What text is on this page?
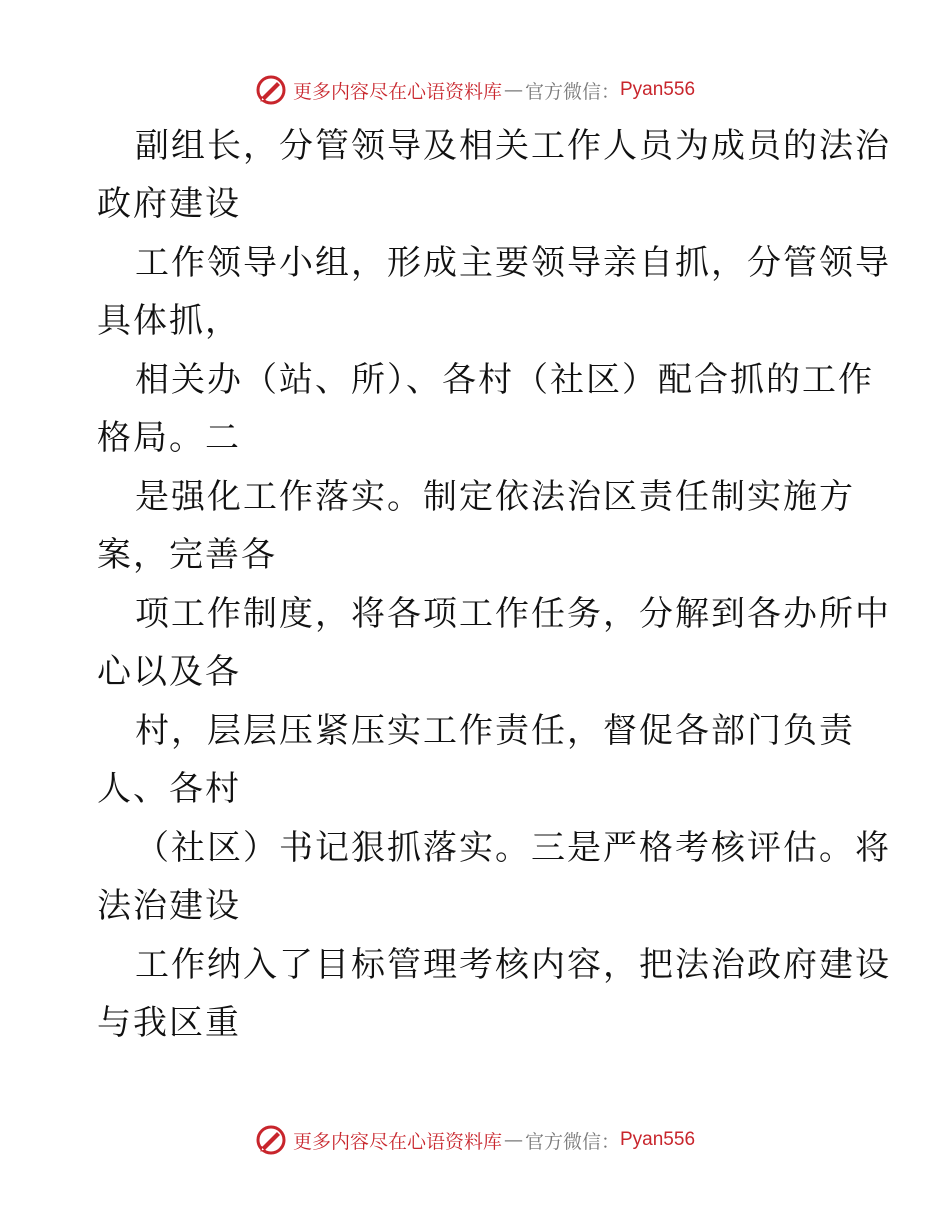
更多内容尽在心语资料库 — 官方微信： Pyan556
副组长，分管领导及相关工作人员为成员的法治
政府建设
工作领导小组，形成主要领导亲自抓，分管领导
具体抓，
相关办（站、所）、各村（社区）配合抓的工作
格局。二
是强化工作落实。制定依法治区责任制实施方
案，完善各
项工作制度，将各项工作任务，分解到各办所中
心以及各
村，层层压紧压实工作责任，督促各部门负责
人、各村
（社区）书记狠抓落实。三是严格考核评估。将
法治建设
工作纳入了目标管理考核内容，把法治政府建设
与我区重
更多内容尽在心语资料库 — 官方微信： Pyan556
